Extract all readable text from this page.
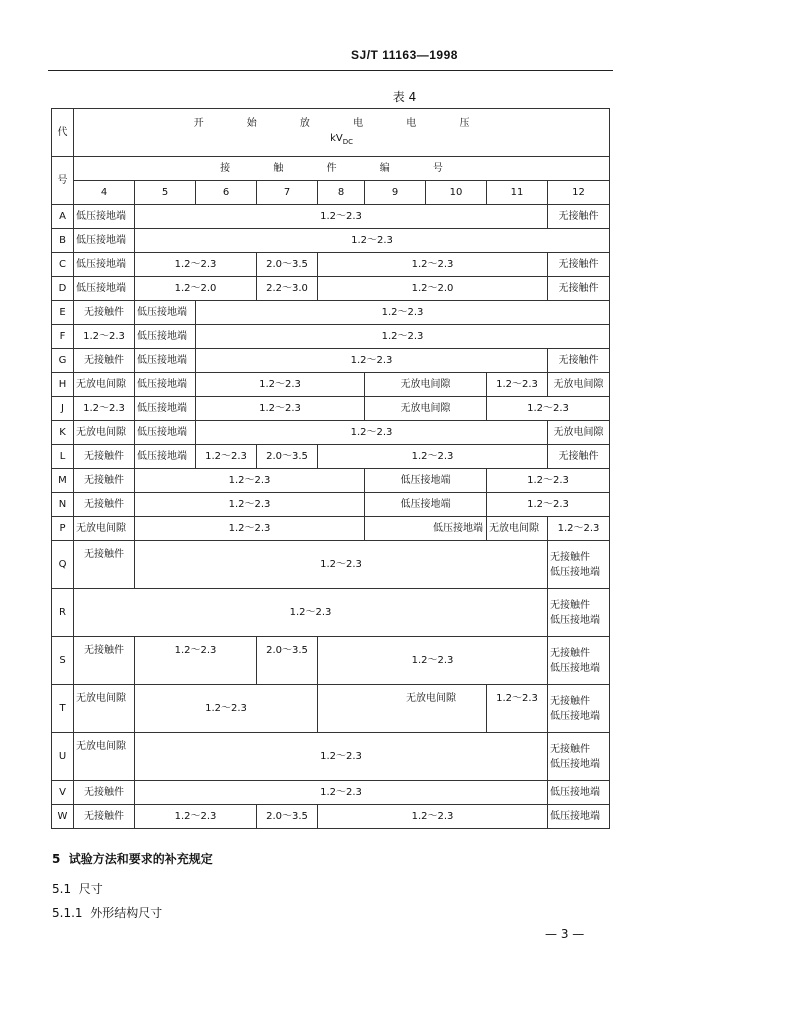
SJ/T 11163—1998
表 4
代	开 始 放 电 电 压
$kV_{DC}$
号	接 触 件 编 号									
	4	5	6	7	8	9	10	11	12	
A	低压接地端	1.2～2.3							无接触件	
B	低压接地端	1.2～2.3								
C	低压接地端	1.2～2.3		2.0～3.5	1.2～2.3				无接触件	
D	低压接地端	1.2～2.0		2.2～3.0	1.2～2.0				无接触件	
E	无接触件	低压接地端	1.2～2.3							
F	1.2～2.3	低压接地端	1.2～2.3							
G	无接触件	低压接地端	1.2～2.3						无接触件	
H	无放电间隙	低压接地端	1.2～2.3			无放电间隙		1.2～2.3	无放电间隙	
J	1.2～2.3	低压接地端	1.2～2.3			无放电间隙		1.2～2.3		
K	无放电间隙	低压接地端	1.2～2.3						无放电间隙	
L	无接触件	低压接地端	1.2～2.3	2.0～3.5	1.2～2.3				无接触件	
M	无接触件	1.2～2.3				低压接地端		1.2～2.3	
N	无接触件	1.2～2.3				低压接地端		1.2～2.3		
P	无放电间隙	1.2～2.3				低压接地端		无放电间隙	1.2～2.3	
Q	无接触件	1.2～2.3							无接触件
低压接地端	

R	1.2～2.3								无接触件
低压接地端	

S	无接触件	1.2～2.3		2.0～3.5	1.2～2.3				无接触件
低压接地端	

T	无放电间隙	1.2～2.3			无放电间隙			1.2～2.3	无接触件
低压接地端	

U	无放电间隙	1.2～2.3							无接触件
低压接地端	

V	无接触件	1.2～2.3							低压接地端	
W	无接触件	1.2～2.3		2.0～3.5	1.2～2.3				低压接地端	
5 试验方法和要求的补充规定
5.1 尺寸
5.1.1 外形结构尺寸
— 3 —
